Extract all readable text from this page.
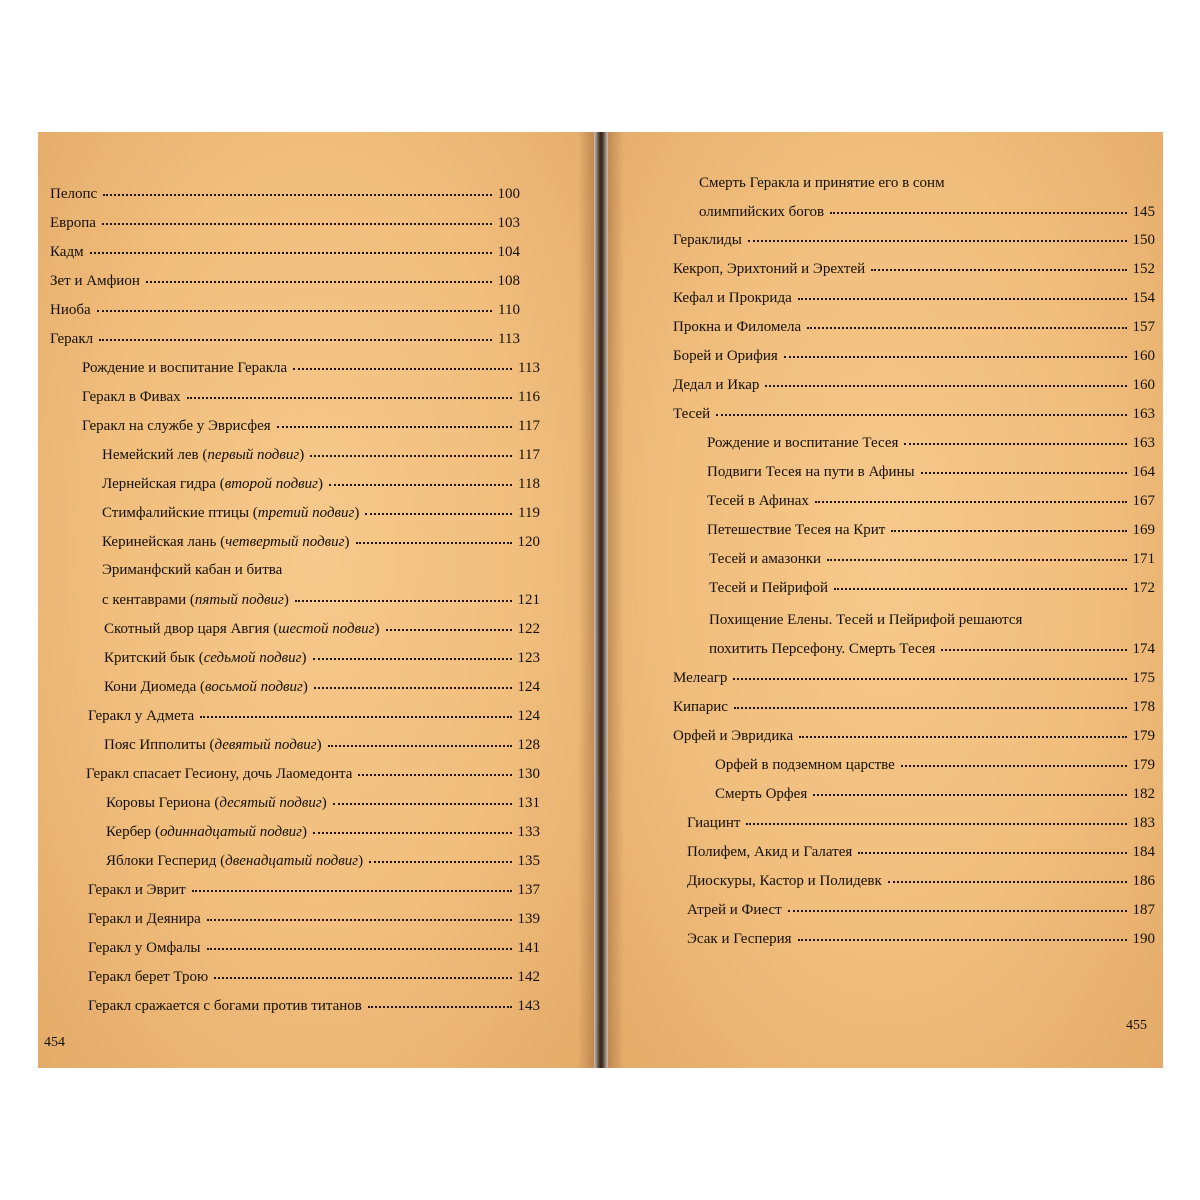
Пелопс	100
Европа	103
Кадм	104
Зет и Амфион	108
Ниоба	110
Геракл	113
Рождение и воспитание Геракла	113
Геракл в Фивах	116
Геракл на службе у Эврисфея	117
Немейский лев (первый подвиг)	117
Лернейская гидра (второй подвиг)	118
Стимфалийские птицы (третий подвиг)	119
Керинейская лань (четвертый подвиг)	120
Эриманфский кабан и битва
с кентаврами (пятый подвиг)	121
Скотный двор царя Авгия (шестой подвиг)	122
Критский бык (седьмой подвиг)	123
Кони Диомеда (восьмой подвиг)	124
Геракл у Адмета	124
Пояс Ипполиты (девятый подвиг)	128
Геракл спасает Гесиону, дочь Лаомедонта	130
Коровы Гериона (десятый подвиг)	131
Кербер (одиннадцатый подвиг)	133
Яблоки Гесперид (двенадцатый подвиг)	135
Геракл и Эврит	137
Геракл и Деянира	139
Геракл у Омфалы	141
Геракл берет Трою	142
Геракл сражается с богами против титанов	143
454
Смерть Геракла и принятие его в сонм
олимпийских богов	145
Гераклиды	150
Кекроп, Эрихтоний и Эрехтей	152
Кефал и Прокрида	154
Прокна и Филомела	157
Борей и Орифия	160
Дедал и Икар	160
Тесей	163
Рождение и воспитание Тесея	163
Подвиги Тесея на пути в Афины	164
Тесей в Афинах	167
Петешествие Тесея на Крит	169
Тесей и амазонки	171
Тесей и Пейрифой	172
Похищение Елены. Тесей и Пейрифой решаются
похитить Персефону. Смерть Тесея	174
Мелеагр	175
Кипарис	178
Орфей и Эвридика	179
Орфей в подземном царстве	179
Смерть Орфея	182
Гиацинт	183
Полифем, Акид и Галатея	184
Диоскуры, Кастор и Полидевк	186
Атрей и Фиест	187
Эсак и Гесперия	190
455
